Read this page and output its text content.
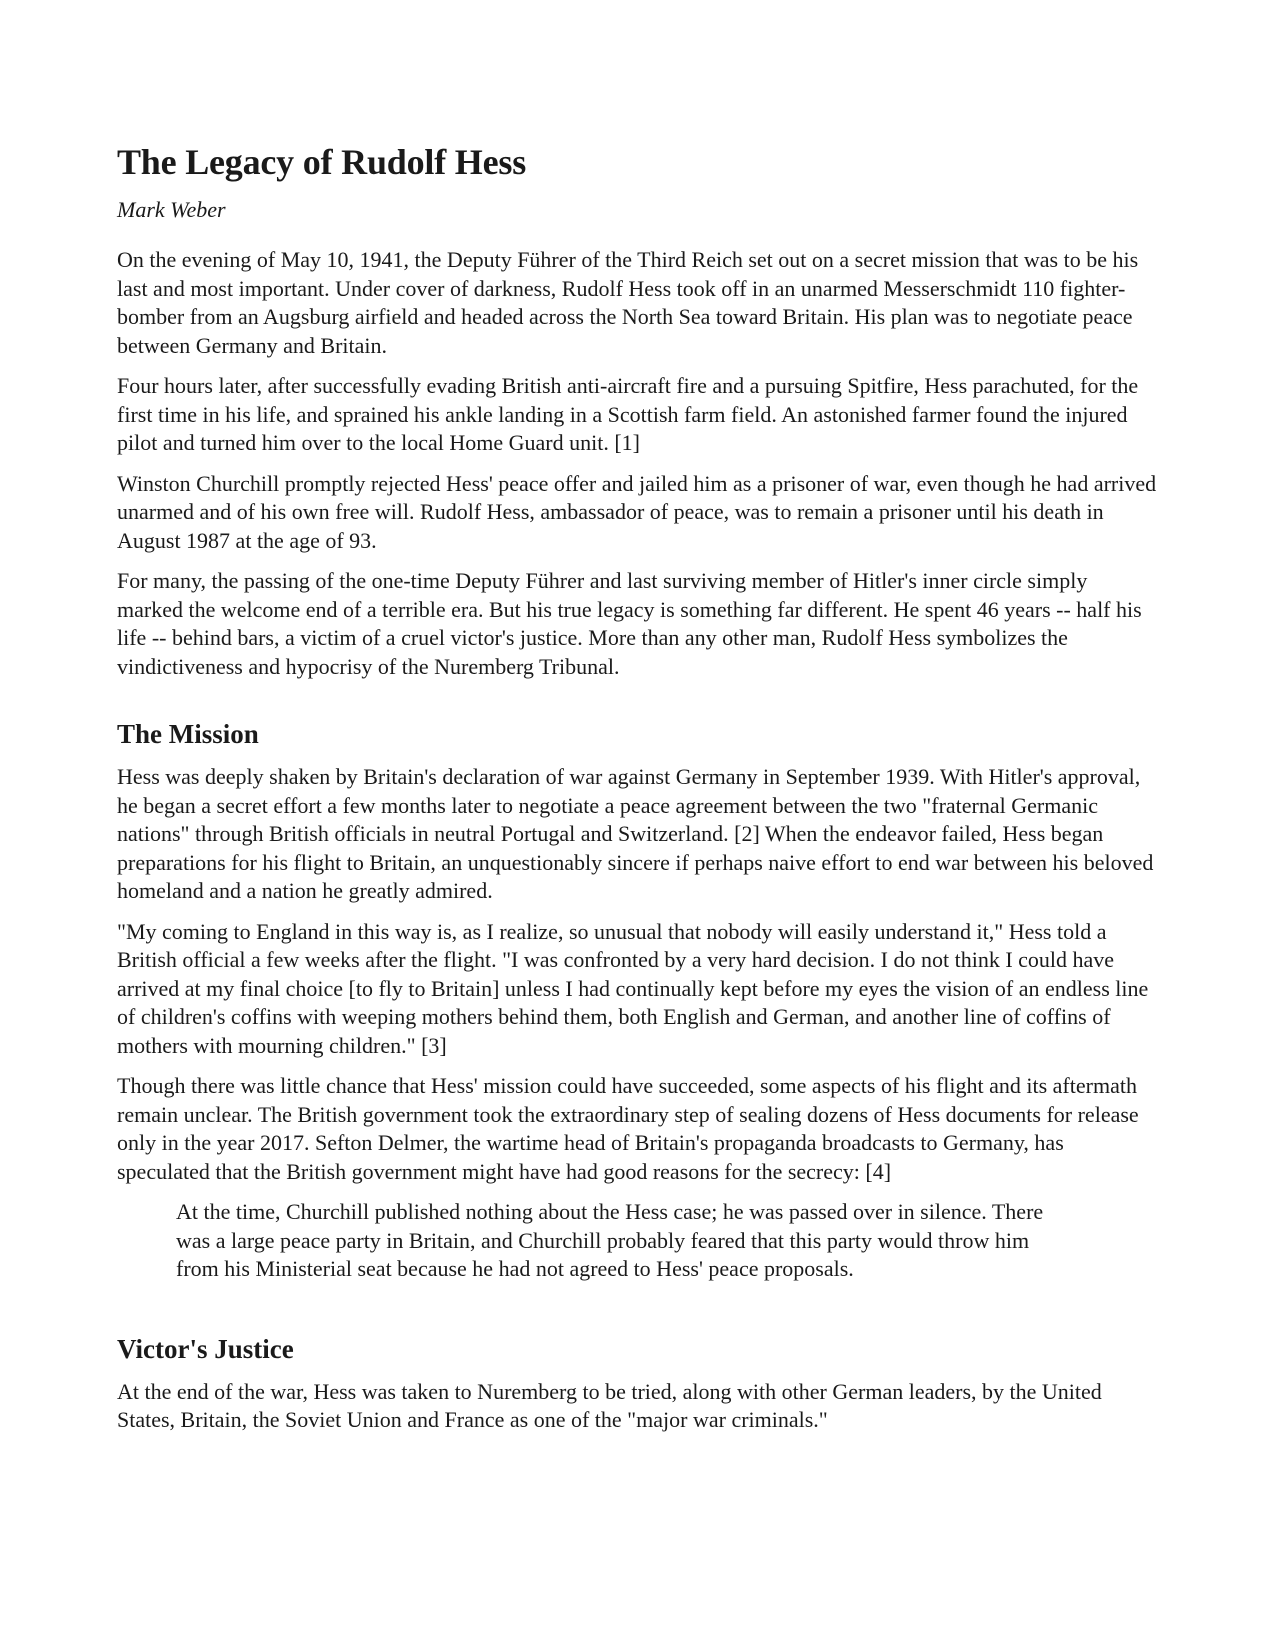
The Legacy of Rudolf Hess
Mark Weber

On the evening of May 10, 1941, the Deputy Führer of the Third Reich set out on a secret mission that was to be his last and most important. Under cover of darkness, Rudolf Hess took off in an unarmed Messerschmidt 110 fighter-bomber from an Augsburg airfield and headed across the North Sea toward Britain. His plan was to negotiate peace between Germany and Britain.

Four hours later, after successfully evading British anti-aircraft fire and a pursuing Spitfire, Hess parachuted, for the first time in his life, and sprained his ankle landing in a Scottish farm field. An astonished farmer found the injured pilot and turned him over to the local Home Guard unit. [1]

Winston Churchill promptly rejected Hess' peace offer and jailed him as a prisoner of war, even though he had arrived unarmed and of his own free will. Rudolf Hess, ambassador of peace, was to remain a prisoner until his death in August 1987 at the age of 93.

For many, the passing of the one-time Deputy Führer and last surviving member of Hitler's inner circle simply marked the welcome end of a terrible era. But his true legacy is something far different. He spent 46 years -- half his life -- behind bars, a victim of a cruel victor's justice. More than any other man, Rudolf Hess symbolizes the vindictiveness and hypocrisy of the Nuremberg Tribunal.

The Mission

Hess was deeply shaken by Britain's declaration of war against Germany in September 1939. With Hitler's approval, he began a secret effort a few months later to negotiate a peace agreement between the two "fraternal Germanic nations" through British officials in neutral Portugal and Switzerland. [2] When the endeavor failed, Hess began preparations for his flight to Britain, an unquestionably sincere if perhaps naive effort to end war between his beloved homeland and a nation he greatly admired.

"My coming to England in this way is, as I realize, so unusual that nobody will easily understand it," Hess told a British official a few weeks after the flight. "I was confronted by a very hard decision. I do not think I could have arrived at my final choice [to fly to Britain] unless I had continually kept before my eyes the vision of an endless line of children's coffins with weeping mothers behind them, both English and German, and another line of coffins of mothers with mourning children." [3]

Though there was little chance that Hess' mission could have succeeded, some aspects of his flight and its aftermath remain unclear. The British government took the extraordinary step of sealing dozens of Hess documents for release only in the year 2017. Sefton Delmer, the wartime head of Britain's propaganda broadcasts to Germany, has speculated that the British government might have had good reasons for the secrecy: [4]

At the time, Churchill published nothing about the Hess case; he was passed over in silence. There was a large peace party in Britain, and Churchill probably feared that this party would throw him from his Ministerial seat because he had not agreed to Hess' peace proposals.

Victor's Justice

At the end of the war, Hess was taken to Nuremberg to be tried, along with other German leaders, by the United States, Britain, the Soviet Union and France as one of the "major war criminals."
